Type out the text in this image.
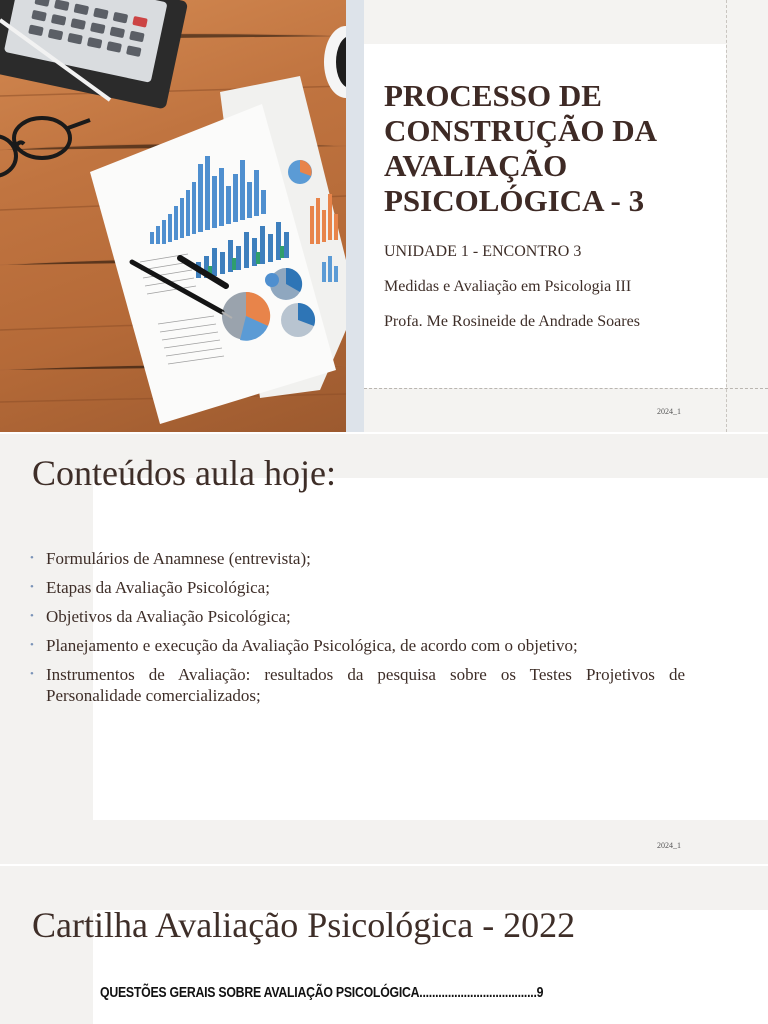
PROCESSO DE CONSTRUÇÃO DA AVALIAÇÃO PSICOLÓGICA - 3

UNIDADE 1 - ENCONTRO 3

Medidas e Avaliação em Psicologia III

Profa. Me Rosineide de Andrade Soares

2024_1
Conteúdos aula hoje:
• Formulários de Anamnese (entrevista);
• Etapas da Avaliação Psicológica;
• Objetivos da Avaliação Psicológica;
• Planejamento e execução da Avaliação Psicológica, de acordo com o objetivo;
• Instrumentos de Avaliação: resultados da pesquisa sobre os Testes Projetivos de Personalidade comercializados;
2024_1
Cartilha Avaliação Psicológica - 2022
QUESTÕES GERAIS SOBRE AVALIAÇÃO PSICOLÓGICA.....................................9
